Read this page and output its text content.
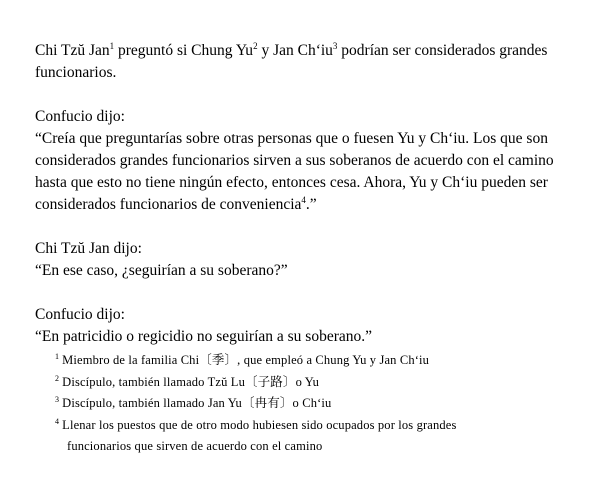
Chi Tzŭ Jan$^1$ preguntó si Chung Yu$^2$ y Jan $Ch‘iu^3$ podrían ser considerados grandes funcionarios.

Confucio dijo:

“Creía que preguntarías sobre otras personas que o fuesen Yu y Ch‘iu. Los que son considerados grandes funcionarios sirven a sus soberanos de acuerdo con el camino hasta que esto no tiene ningún efecto, entonces cesa. Ahora, Yu y Ch‘iu pueden ser considerados funcionarios de conveniencia$^4$.”

Chi Tzŭ Jan dijo:

“En ese caso, ¿seguirían a su soberano?”

Confucio dijo:

“En patricidio o regicidio no seguirían a su soberano.”

$^1$ Miembro de la familia Chi〔季〕, que empleó a Chung Yu y Jan Ch‘iu

$^2$ Discípulo, también llamado Tzŭ Lu〔子路〕o Yu

$^3$ Discípulo, también llamado Jan Yu〔冉有〕o Ch‘iu

$^4$ Llenar los puestos que de otro modo hubiesen sido ocupados por los grandes

funcionarios que sirven de acuerdo con el camino
